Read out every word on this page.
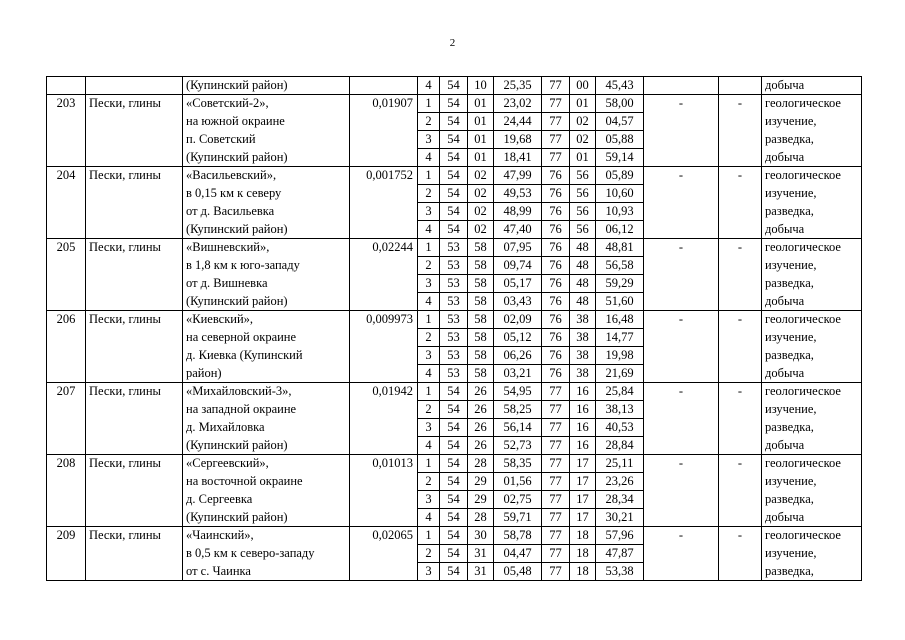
2
		(Купинский район)		4	54	10	25,35	77	00	45,43			добыча
203	Пески, глины	«Советский-2»,	0,01907	1	54	01	23,02	77	01	58,00	-	-	геологическое
		на южной окраине		2	54	01	24,44	77	02	04,57			изучение,
		п. Советский		3	54	01	19,68	77	02	05,88			разведка,
		(Купинский район)		4	54	01	18,41	77	01	59,14			добыча
204	Пески, глины	«Васильевский»,	0,001752	1	54	02	47,99	76	56	05,89	-	-	геологическое
		в 0,15 км к северу		2	54	02	49,53	76	56	10,60			изучение,
		от д. Васильевка		3	54	02	48,99	76	56	10,93			разведка,
		(Купинский район)		4	54	02	47,40	76	56	06,12			добыча
205	Пески, глины	«Вишневский»,	0,02244	1	53	58	07,95	76	48	48,81	-	-	геологическое
		в 1,8 км к юго-западу		2	53	58	09,74	76	48	56,58			изучение,
		от д. Вишневка		3	53	58	05,17	76	48	59,29			разведка,
		(Купинский район)		4	53	58	03,43	76	48	51,60			добыча
206	Пески, глины	«Киевский»,	0,009973	1	53	58	02,09	76	38	16,48	-	-	геологическое
		на северной окраине		2	53	58	05,12	76	38	14,77			изучение,
		д. Киевка (Купинский		3	53	58	06,26	76	38	19,98			разведка,
		район)		4	53	58	03,21	76	38	21,69			добыча
207	Пески, глины	«Михайловский-3»,	0,01942	1	54	26	54,95	77	16	25,84	-	-	геологическое
		на западной окраине		2	54	26	58,25	77	16	38,13			изучение,
		д. Михайловка		3	54	26	56,14	77	16	40,53			разведка,
		(Купинский район)		4	54	26	52,73	77	16	28,84			добыча
208	Пески, глины	«Сергеевский»,	0,01013	1	54	28	58,35	77	17	25,11	-	-	геологическое
		на восточной окраине		2	54	29	01,56	77	17	23,26			изучение,
		д. Сергеевка		3	54	29	02,75	77	17	28,34			разведка,
		(Купинский район)		4	54	28	59,71	77	17	30,21			добыча
209	Пески, глины	«Чаинский»,	0,02065	1	54	30	58,78	77	18	57,96	-	-	геологическое
		в 0,5 км к северо-западу		2	54	31	04,47	77	18	47,87			изучение,
		от с. Чаинка		3	54	31	05,48	77	18	53,38			разведка,
